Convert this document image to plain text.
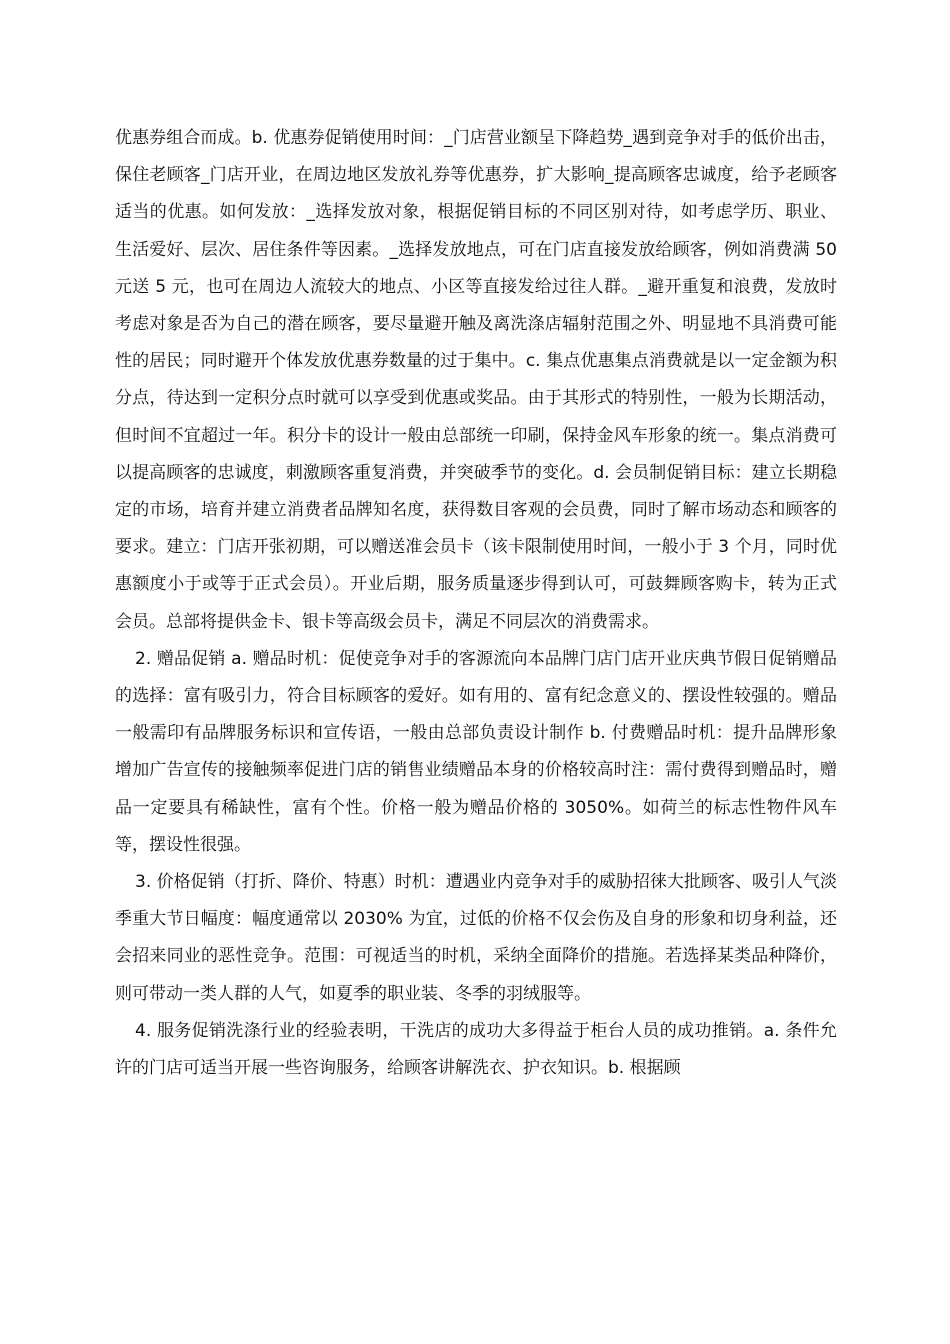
优惠券组合而成。b. 优惠券促销使用时间：_门店营业额呈下降趋势_遇到竞争对手的低价出击，保住老顾客_门店开业，在周边地区发放礼券等优惠券，扩大影响_提高顾客忠诚度，给予老顾客适当的优惠。如何发放：_选择发放对象，根据促销目标的不同区别对待，如考虑学历、职业、生活爱好、层次、居住条件等因素。_选择发放地点，可在门店直接发放给顾客，例如消费满 50 元送 5 元，也可在周边人流较大的地点、小区等直接发给过往人群。_避开重复和浪费，发放时考虑对象是否为自己的潜在顾客，要尽量避开触及离洗涤店辐射范围之外、明显地不具消费可能性的居民；同时避开个体发放优惠券数量的过于集中。c. 集点优惠集点消费就是以一定金额为积分点，待达到一定积分点时就可以享受到优惠或奖品。由于其形式的特别性，一般为长期活动，但时间不宜超过一年。积分卡的设计一般由总部统一印刷，保持金风车形象的统一。集点消费可以提高顾客的忠诚度，刺激顾客重复消费，并突破季节的变化。d. 会员制促销目标：建立长期稳定的市场，培育并建立消费者品牌知名度，获得数目客观的会员费，同时了解市场动态和顾客的要求。建立：门店开张初期，可以赠送准会员卡（该卡限制使用时间，一般小于 3 个月，同时优惠额度小于或等于正式会员）。开业后期，服务质量逐步得到认可，可鼓舞顾客购卡，转为正式会员。总部将提供金卡、银卡等高级会员卡，满足不同层次的消费需求。

2. 赠品促销 a. 赠品时机：促使竞争对手的客源流向本品牌门店门店开业庆典节假日促销赠品的选择：富有吸引力，符合目标顾客的爱好。如有用的、富有纪念意义的、摆设性较强的。赠品一般需印有品牌服务标识和宣传语，一般由总部负责设计制作 b. 付费赠品时机：提升品牌形象增加广告宣传的接触频率促进门店的销售业绩赠品本身的价格较高时注：需付费得到赠品时，赠品一定要具有稀缺性，富有个性。价格一般为赠品价格的 3050%。如荷兰的标志性物件风车等，摆设性很强。

3. 价格促销（打折、降价、特惠）时机：遭遇业内竞争对手的威胁招徕大批顾客、吸引人气淡季重大节日幅度：幅度通常以 2030% 为宜，过低的价格不仅会伤及自身的形象和切身利益，还会招来同业的恶性竞争。范围：可视适当的时机，采纳全面降价的措施。若选择某类品种降价，则可带动一类人群的人气，如夏季的职业装、冬季的羽绒服等。

4. 服务促销洗涤行业的经验表明，干洗店的成功大多得益于柜台人员的成功推销。a. 条件允许的门店可适当开展一些咨询服务，给顾客讲解洗衣、护衣知识。b. 根据顾
